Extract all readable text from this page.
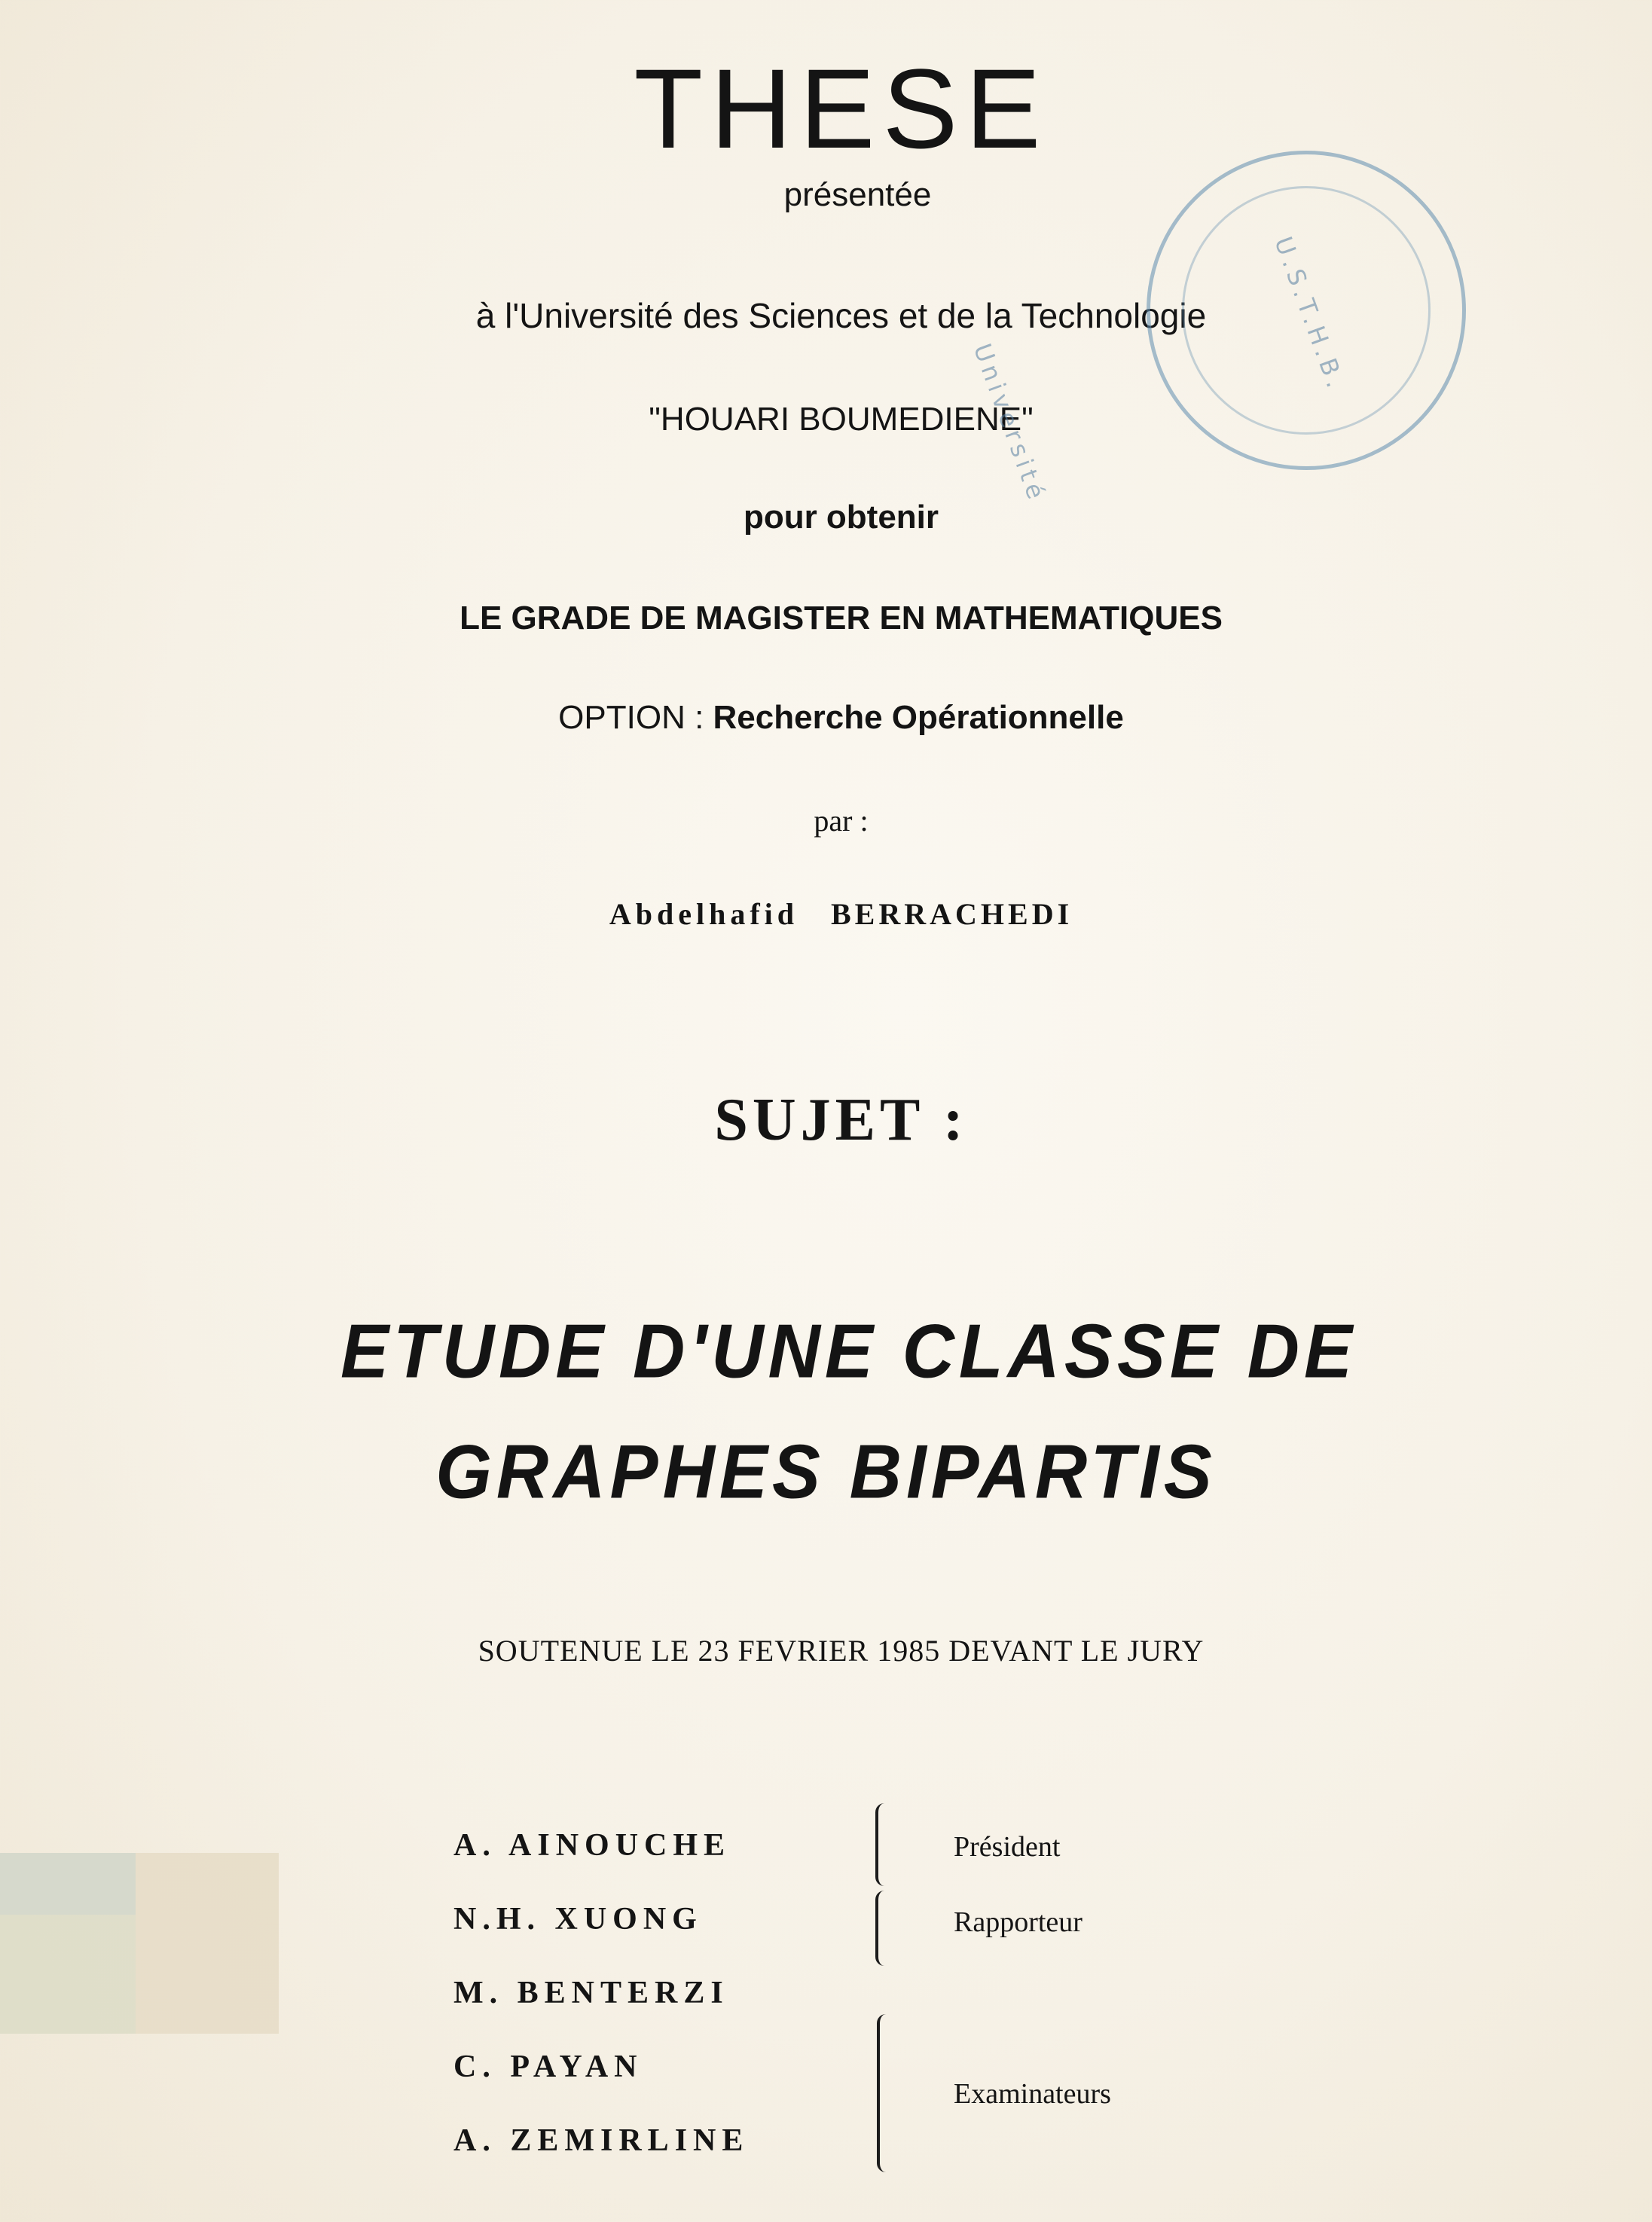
THESE
présentée
à l'Université des Sciences et de la Technologie
"HOUARI BOUMEDIENE"
pour obtenir
LE GRADE DE MAGISTER EN MATHEMATIQUES
OPTION : Recherche Opérationnelle
par :
Abdelhafid BERRACHEDI
SUJET :
ETUDE D'UNE CLASSE DE
GRAPHES BIPARTIS
SOUTENUE LE 23 FEVRIER 1985 DEVANT LE JURY
A. AINOUCHE
N.H. XUONG
M. BENTERZI
C. PAYAN
A. ZEMIRLINE
Président
Rapporteur
Examinateurs
U.S.T.H.B. Université
